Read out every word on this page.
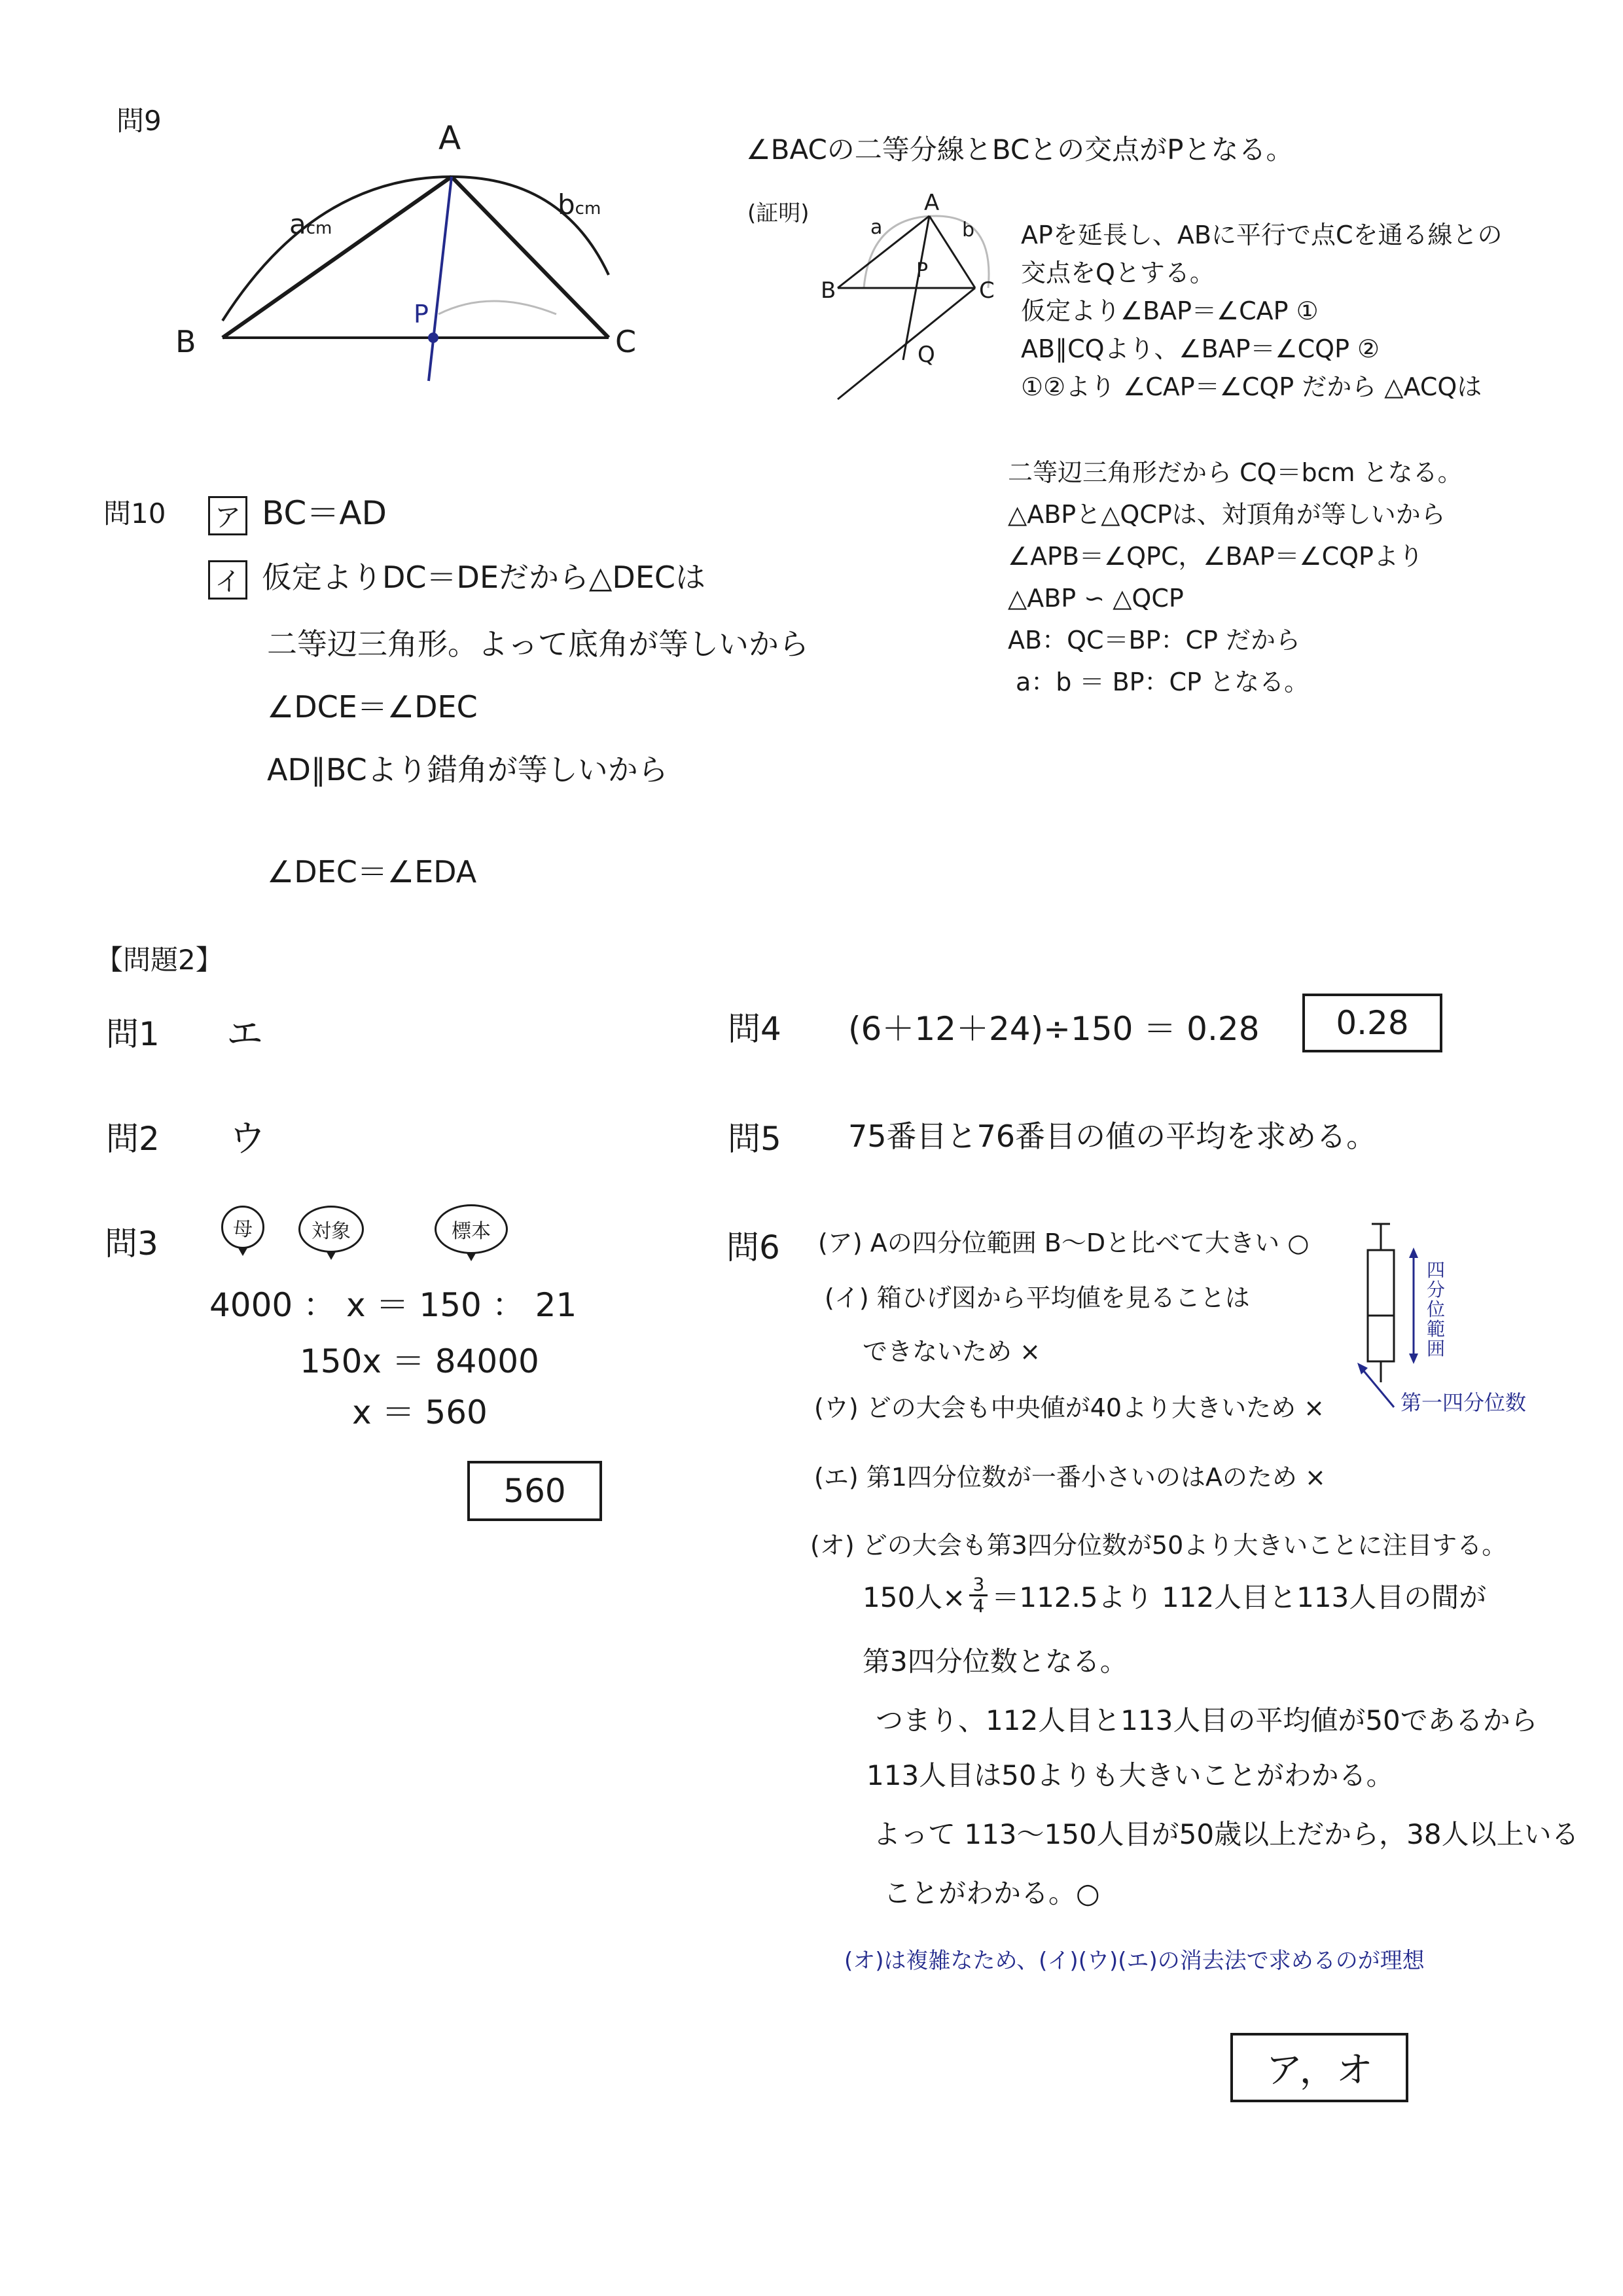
問9	A
B	C
P
acm
bcm
∠BACの二等分線とBCとの交点がPとなる。
(証明)	A
B	C
P
Q
a	b APを延長し、ABに平行で点Cを通る線との
交点をQとする。
仮定より∠BAP＝∠CAP ①
AB∥CQより、∠BAP＝∠CQP ②
①②より ∠CAP＝∠CQP だから △ACQは
二等辺三角形だから CQ＝bcm となる。
△ABPと△QCPは、対頂角が等しいから
∠APB＝∠QPC，∠BAP＝∠CQPより
△ABP ∽ △QCP
AB：QC＝BP：CP だから
a：b ＝ BP：CP となる。
問10 ア BC＝AD
イ 仮定よりDC＝DEだから△DECは
二等辺三角形。よって底角が等しいから
∠DCE＝∠DEC
AD∥BCより錯角が等しいから
∠DEC＝∠EDA
【問題2】
問1 エ
問2 ウ
問3	母	対象	標本
4000 ： x ＝ 150 ： 21
150x ＝ 84000
x ＝ 560
560
問4 (6＋12＋24)÷150 ＝ 0.28	0.28
問5 75番目と76番目の値の平均を求める。
問6 (ア) Aの四分位範囲 B〜Dと比べて大きい ○
(イ) 箱ひげ図から平均値を見ることは
できないため ×
(ウ) どの大会も中央値が40より大きいため ×
(エ) 第1四分位数が一番小さいのはAのため ×
(オ) どの大会も第3四分位数が50より大きいことに注目する。
四分位範囲
第一四分位数
150人× 3
4 ＝112.5より 112人目と113人目の間が
第3四分位数となる。
つまり、112人目と113人目の平均値が50であるから
113人目は50よりも大きいことがわかる。
よって 113〜150人目が50歳以上だから，38人以上いる
ことがわかる。○
(オ)は複雑なため、(イ)(ウ)(エ)の消去法で求めるのが理想
ア，オ
